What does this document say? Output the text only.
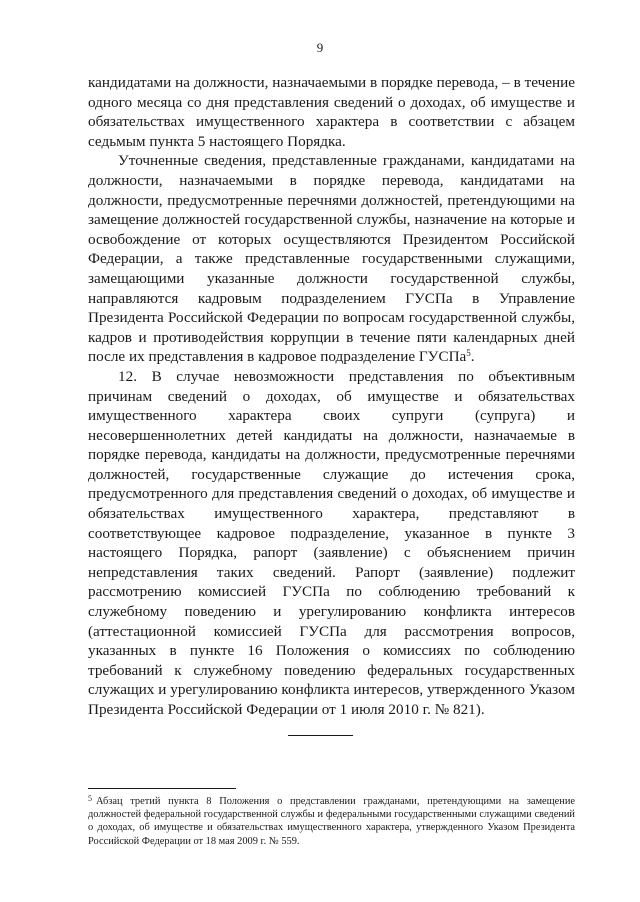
9

кандидатами на должности, назначаемыми в порядке перевода, – в течение одного месяца со дня представления сведений о доходах, об имуществе и обязательствах имущественного характера в соответствии с абзацем седьмым пункта 5 настоящего Порядка.

Уточненные сведения, представленные гражданами, кандидатами на должности, назначаемыми в порядке перевода, кандидатами на должности, предусмотренные перечнями должностей, претендующими на замещение должностей государственной службы, назначение на которые и освобождение от которых осуществляются Президентом Российской Федерации, а также представленные государственными служащими, замещающими указанные должности государственной службы, направляются кадровым подразделением ГУСПа в Управление Президента Российской Федерации по вопросам государственной службы, кадров и противодействия коррупции в течение пяти календарных дней после их представления в кадровое подразделение ГУСПа$^5$.

12. В случае невозможности представления по объективным причинам сведений о доходах, об имуществе и обязательствах имущественного характера своих супруги (супруга) и несовершеннолетних детей кандидаты на должности, назначаемые в порядке перевода, кандидаты на должности, предусмотренные перечнями должностей, государственные служащие до истечения срока, предусмотренного для представления сведений о доходах, об имуществе и обязательствах имущественного характера, представляют в соответствующее кадровое подразделение, указанное в пункте 3 настоящего Порядка, рапорт (заявление) с объяснением причин непредставления таких сведений. Рапорт (заявление) подлежит рассмотрению комиссией ГУСПа по соблюдению требований к служебному поведению и урегулированию конфликта интересов (аттестационной комиссией ГУСПа для рассмотрения вопросов, указанных в пункте 16 Положения о комиссиях по соблюдению требований к служебному поведению федеральных государственных служащих и урегулированию конфликта интересов, утвержденного Указом Президента Российской Федерации от 1 июля 2010 г. № 821).

$^5$ Абзац третий пункта 8 Положения о представлении гражданами, претендующими на замещение должностей федеральной государственной службы и федеральными государственными служащими сведений о доходах, об имуществе и обязательствах имущественного характера, утвержденного Указом Президента Российской Федерации от 18 мая 2009 г. № 559.
